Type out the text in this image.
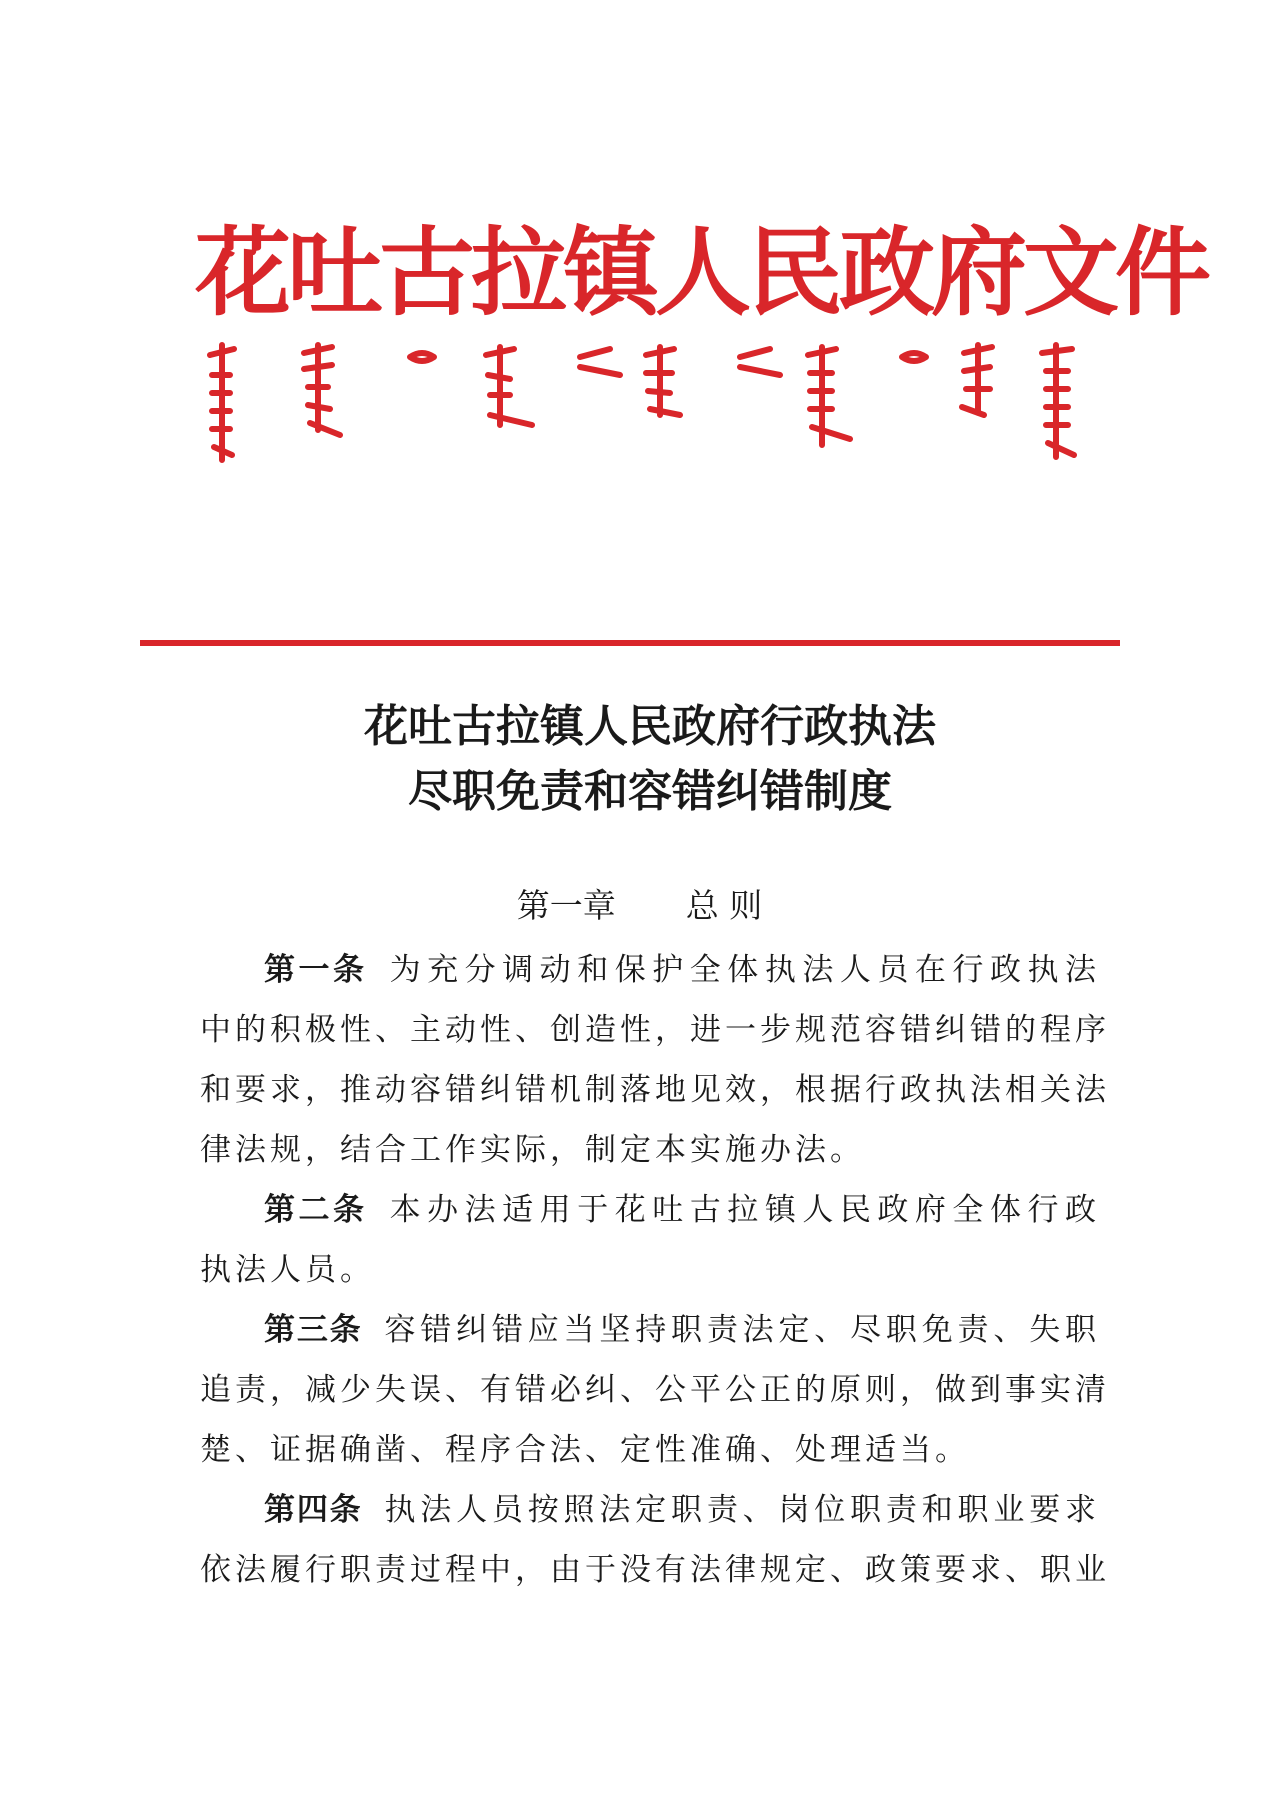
花吐古拉镇人民政府文件
花吐古拉镇人民政府行政执法
尽职免责和容错纠错制度
第一章 总 则
第一条 为充分调动和保护全体执法人员在行政执法
中的积极性、主动性、创造性，进一步规范容错纠错的程序
和要求，推动容错纠错机制落地见效，根据行政执法相关法
律法规，结合工作实际，制定本实施办法。
第二条 本办法适用于花吐古拉镇人民政府全体行政
执法人员。
第三条 容错纠错应当坚持职责法定、尽职免责、失职
追责，减少失误、有错必纠、公平公正的原则，做到事实清
楚、证据确凿、程序合法、定性准确、处理适当。
第四条 执法人员按照法定职责、岗位职责和职业要求
依法履行职责过程中，由于没有法律规定、政策要求、职业
